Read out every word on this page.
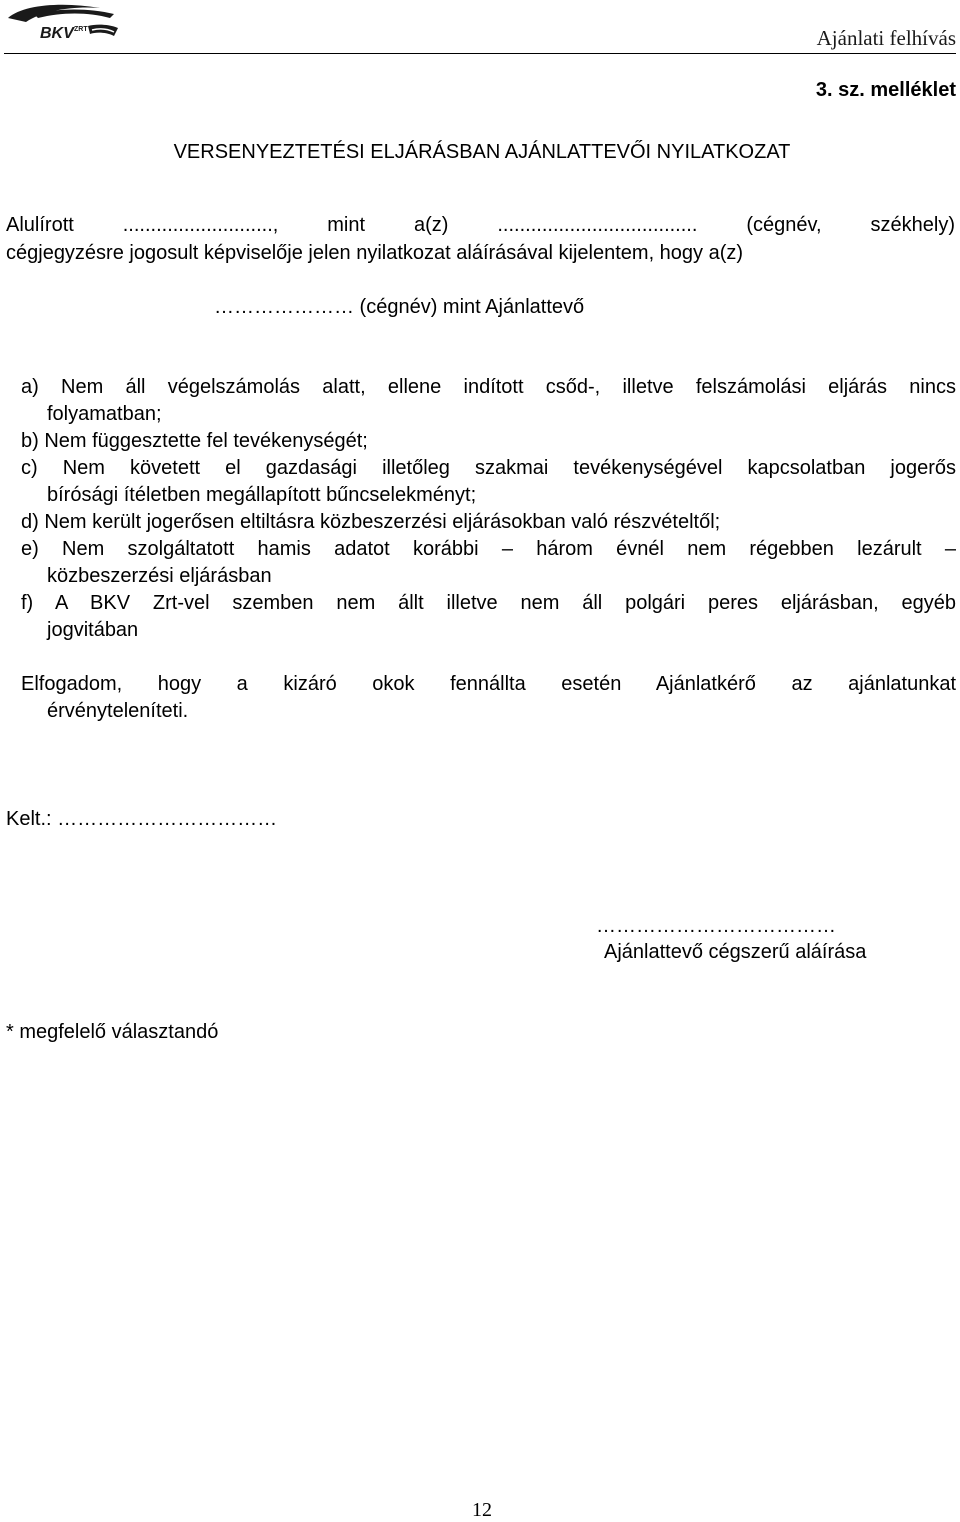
BKV ZRT	Ajánlati felhívás
3. sz. melléklet
VERSENYEZTETÉSI ELJÁRÁSBAN AJÁNLATTEVŐI NYILATKOZAT
Alulírott ..........................., mint a(z) .................................... (cégnév, székhely)
cégjegyzésre jogosult képviselője jelen nyilatkozat aláírásával kijelentem, hogy a(z)
………………… (cégnév) mint Ajánlattevő
a) Nem áll végelszámolás alatt, ellene indított csőd-, illetve felszámolási eljárás nincs
folyamatban;
b) Nem függesztette fel tevékenységét;
c) Nem követett el gazdasági illetőleg szakmai tevékenységével kapcsolatban jogerős
bírósági ítéletben megállapított bűncselekményt;
d) Nem került jogerősen eltiltásra közbeszerzési eljárásokban való részvételtől;
e) Nem szolgáltatott hamis adatot korábbi – három évnél nem régebben lezárult –
közbeszerzési eljárásban
f) A BKV Zrt-vel szemben nem állt illetve nem áll polgári peres eljárásban, egyéb
jogvitában
Elfogadom, hogy a kizáró okok fennállta esetén Ajánlatkérő az ajánlatunkat
érvényteleníteti.
Kelt.: ……………………………
………………………………
Ajánlattevő cégszerű aláírása
* megfelelő választandó
12
